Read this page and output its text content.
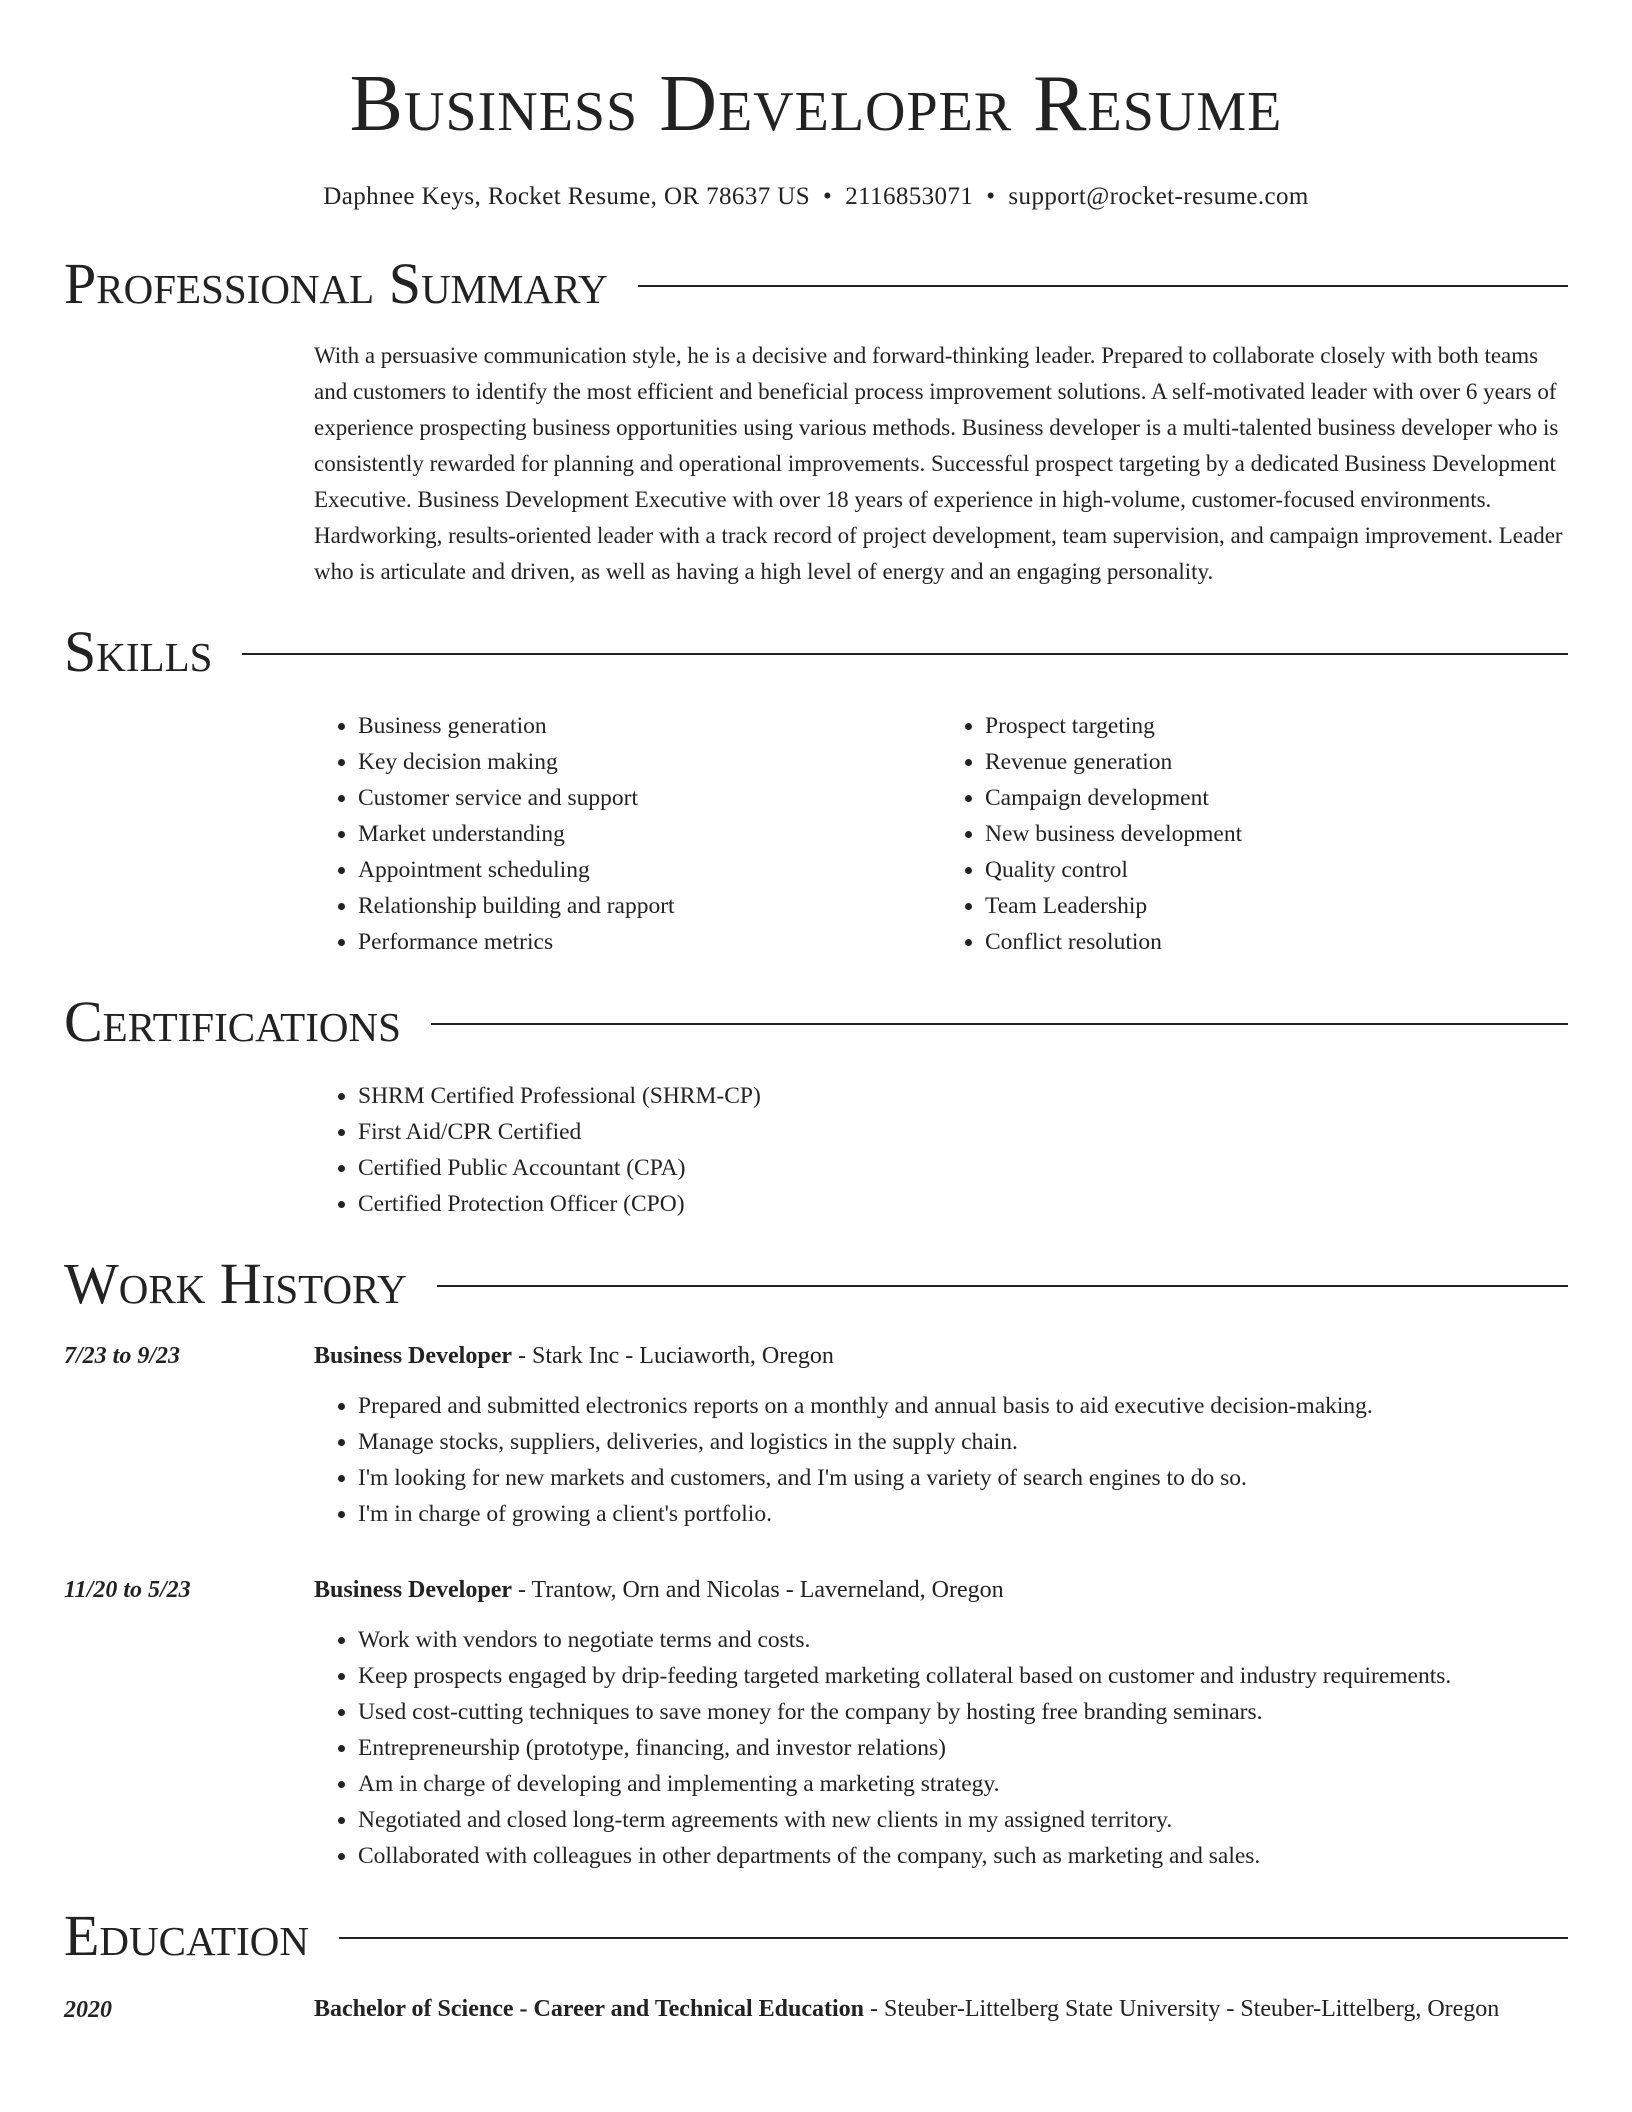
Business Developer Resume
Daphnee Keys, Rocket Resume, OR 78637 US • 2116853071 • support@rocket-resume.com
Professional Summary
With a persuasive communication style, he is a decisive and forward-thinking leader. Prepared to collaborate closely with both teams and customers to identify the most efficient and beneficial process improvement solutions. A self-motivated leader with over 6 years of experience prospecting business opportunities using various methods. Business developer is a multi-talented business developer who is consistently rewarded for planning and operational improvements. Successful prospect targeting by a dedicated Business Development Executive. Business Development Executive with over 18 years of experience in high-volume, customer-focused environments. Hardworking, results-oriented leader with a track record of project development, team supervision, and campaign improvement. Leader who is articulate and driven, as well as having a high level of energy and an engaging personality.
Skills
• Business generation
• Key decision making
• Customer service and support
• Market understanding
• Appointment scheduling
• Relationship building and rapport
• Performance metrics
• Prospect targeting
• Revenue generation
• Campaign development
• New business development
• Quality control
• Team Leadership
• Conflict resolution
Certifications
• SHRM Certified Professional (SHRM-CP)
• First Aid/CPR Certified
• Certified Public Accountant (CPA)
• Certified Protection Officer (CPO)
Work History
7/23 to 9/23	Business Developer - Stark Inc - Luciaworth, Oregon
• Prepared and submitted electronics reports on a monthly and annual basis to aid executive decision-making.
• Manage stocks, suppliers, deliveries, and logistics in the supply chain.
• I'm looking for new markets and customers, and I'm using a variety of search engines to do so.
• I'm in charge of growing a client's portfolio.
11/20 to 5/23	Business Developer - Trantow, Orn and Nicolas - Laverneland, Oregon
• Work with vendors to negotiate terms and costs.
• Keep prospects engaged by drip-feeding targeted marketing collateral based on customer and industry requirements.
• Used cost-cutting techniques to save money for the company by hosting free branding seminars.
• Entrepreneurship (prototype, financing, and investor relations)
• Am in charge of developing and implementing a marketing strategy.
• Negotiated and closed long-term agreements with new clients in my assigned territory.
• Collaborated with colleagues in other departments of the company, such as marketing and sales.
Education
2020	Bachelor of Science - Career and Technical Education - Steuber-Littelberg State University - Steuber-Littelberg, Oregon
